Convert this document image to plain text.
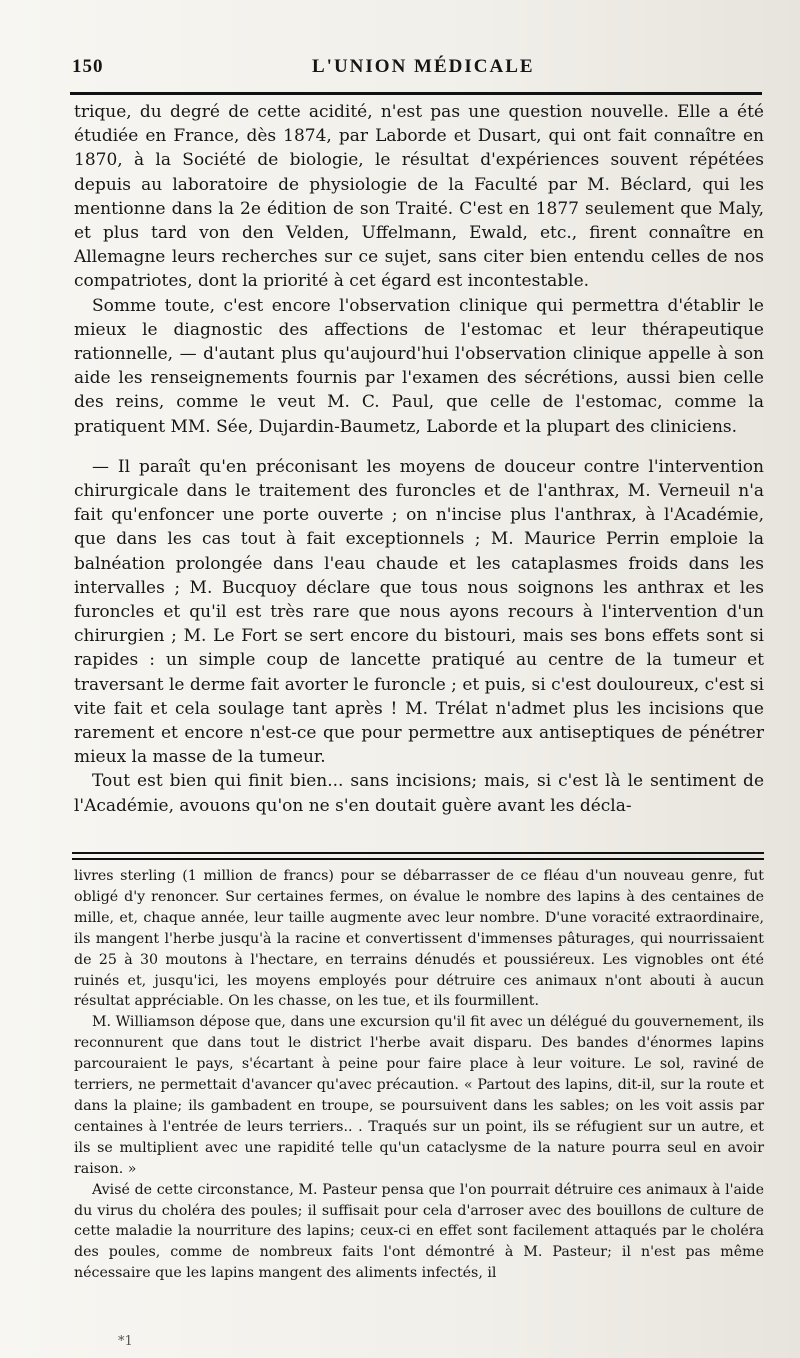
150	L'UNION MÉDICALE

trique, du degré de cette acidité, n'est pas une question nouvelle. Elle a été étudiée en France, dès 1874, par Laborde et Dusart, qui ont fait connaître en 1870, à la Société de biologie, le résultat d'expériences souvent répétées depuis au laboratoire de physiologie de la Faculté par M. Béclard, qui les mentionne dans la 2e édition de son Traité. C'est en 1877 seulement que Maly, et plus tard von den Velden, Uffelmann, Ewald, etc., firent connaître en Allemagne leurs recherches sur ce sujet, sans citer bien entendu celles de nos compatriotes, dont la priorité à cet égard est incontestable.

Somme toute, c'est encore l'observation clinique qui permettra d'établir le mieux le diagnostic des affections de l'estomac et leur thérapeutique rationnelle, — d'autant plus qu'aujourd'hui l'observation clinique appelle à son aide les renseignements fournis par l'examen des sécrétions, aussi bien celle des reins, comme le veut M. C. Paul, que celle de l'estomac, comme la pratiquent MM. Sée, Dujardin-Baumetz, Laborde et la plupart des cliniciens.

— Il paraît qu'en préconisant les moyens de douceur contre l'intervention chirurgicale dans le traitement des furoncles et de l'anthrax, M. Verneuil n'a fait qu'enfoncer une porte ouverte ; on n'incise plus l'anthrax, à l'Académie, que dans les cas tout à fait exceptionnels ; M. Maurice Perrin emploie la balnéation prolongée dans l'eau chaude et les cataplasmes froids dans les intervalles ; M. Bucquoy déclare que tous nous soignons les anthrax et les furoncles et qu'il est très rare que nous ayons recours à l'intervention d'un chirurgien ; M. Le Fort se sert encore du bistouri, mais ses bons effets sont si rapides : un simple coup de lancette pratiqué au centre de la tumeur et traversant le derme fait avorter le furoncle ; et puis, si c'est douloureux, c'est si vite fait et cela soulage tant après ! M. Trélat n'admet plus les incisions que rarement et encore n'est-ce que pour permettre aux antiseptiques de pénétrer mieux la masse de la tumeur.

Tout est bien qui finit bien... sans incisions; mais, si c'est là le sentiment de l'Académie, avouons qu'on ne s'en doutait guère avant les décla-

livres sterling (1 million de francs) pour se débarrasser de ce fléau d'un nouveau genre, fut obligé d'y renoncer. Sur certaines fermes, on évalue le nombre des lapins à des centaines de mille, et, chaque année, leur taille augmente avec leur nombre. D'une voracité extraordinaire, ils mangent l'herbe jusqu'à la racine et convertissent d'immenses pâturages, qui nourrissaient de 25 à 30 moutons à l'hectare, en terrains dénudés et poussiéreux. Les vignobles ont été ruinés et, jusqu'ici, les moyens employés pour détruire ces animaux n'ont abouti à aucun résultat appréciable. On les chasse, on les tue, et ils fourmillent.

M. Williamson dépose que, dans une excursion qu'il fit avec un délégué du gouvernement, ils reconnurent que dans tout le district l'herbe avait disparu. Des bandes d'énormes lapins parcouraient le pays, s'écartant à peine pour faire place à leur voiture. Le sol, raviné de terriers, ne permettait d'avancer qu'avec précaution. « Partout des lapins, dit-il, sur la route et dans la plaine; ils gambadent en troupe, se poursuivent dans les sables; on les voit assis par centaines à l'entrée de leurs terriers.. . Traqués sur un point, ils se réfugient sur un autre, et ils se multiplient avec une rapidité telle qu'un cataclysme de la nature pourra seul en avoir raison. »

Avisé de cette circonstance, M. Pasteur pensa que l'on pourrait détruire ces animaux à l'aide du virus du choléra des poules; il suffisait pour cela d'arroser avec des bouillons de culture de cette maladie la nourriture des lapins; ceux-ci en effet sont facilement attaqués par le choléra des poules, comme de nombreux faits l'ont démontré à M. Pasteur; il n'est pas même nécessaire que les lapins mangent des aliments infectés, il

*1
